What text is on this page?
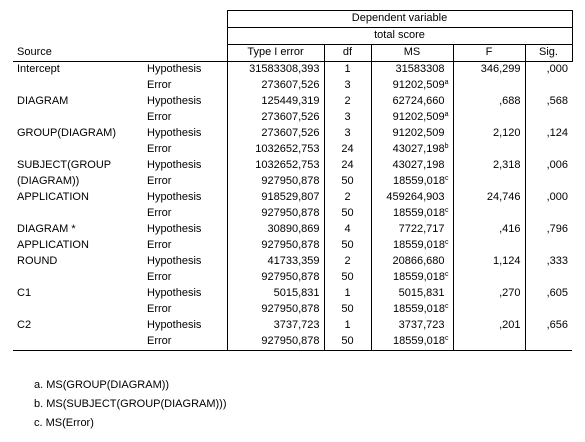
		Dependent variable				
		total score				
Source		Type I error	df	MS	F	Sig.
Intercept	Hypothesis	31583308,393	1	31583308	346,299	,000
	Error	273607,526	3	91202,509$^a$		
DIAGRAM	Hypothesis	125449,319	2	62724,660	,688	,568
	Error	273607,526	3	91202,509$^a$		
GROUP(DIAGRAM)	Hypothesis	273607,526	3	91202,509	2,120	,124
	Error	1032652,753	24	43027,198$^b$		
SUBJECT(GROUP	Hypothesis	1032652,753	24	43027,198	2,318	,006
(DIAGRAM))	Error	927950,878	50	18559,018$^c$		
APPLICATION	Hypothesis	918529,807	2	459264,903	24,746	,000
	Error	927950,878	50	18559,018$^c$		
DIAGRAM *	Hypothesis	30890,869	4	7722,717	,416	,796
APPLICATION	Error	927950,878	50	18559,018$^c$		
ROUND	Hypothesis	41733,359	2	20866,680	1,124	,333
	Error	927950,878	50	18559,018$^c$		
C1	Hypothesis	5015,831	1	5015,831	,270	,605
	Error	927950,878	50	18559,018$^c$		
C2	Hypothesis	3737,723	1	3737,723	,201	,656
	Error	927950,878	50	18559,018$^c$		
a. MS(GROUP(DIAGRAM))
b. MS(SUBJECT(GROUP(DIAGRAM)))
c. MS(Error)
